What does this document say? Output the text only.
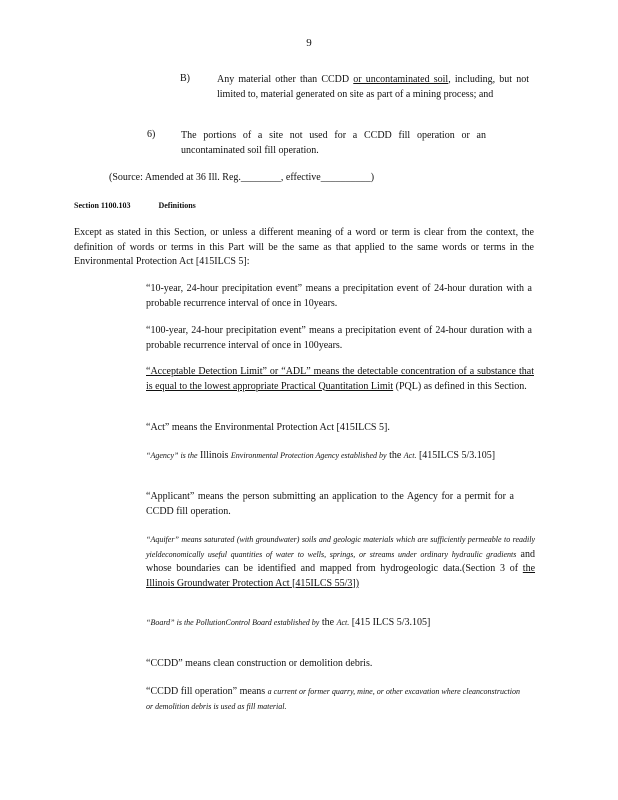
9
B)	Any material other than CCDD or uncontaminated soil, including, but not limited to, material generated on site as part of a mining process; and
6)	The portions of a site not used for a CCDD fill operation or an uncontaminated soil fill operation.
(Source: Amended at 36 Ill. Reg.________, effective__________)
Section 1100.103	Definitions
Except as stated in this Section, or unless a different meaning of a word or term is clear from the context, the definition of words or terms in this Part will be the same as that applied to the same words or terms in the Environmental Protection Act [415ILCS 5]:
“10-year, 24-hour precipitation event” means a precipitation event of 24-hour duration with a probable recurrence interval of once in 10years.
“100-year, 24-hour precipitation event” means a precipitation event of 24-hour duration with a probable recurrence interval of once in 100years.
“Acceptable Detection Limit” or “ADL” means the detectable concentration of a substance that is equal to the lowest appropriate Practical Quantitation Limit (PQL) as defined in this Section.
“Act” means the Environmental Protection Act [415ILCS 5].
“Agency” is the Illinois Environmental Protection Agency established by the Act. [415ILCS 5/3.105]
“Applicant” means the person submitting an application to the Agency for a permit for a CCDD fill operation.
“Aquifer” means saturated (with groundwater) soils and geologic materials which are sufficiently permeable to readily yieldeconomically useful quantities of water to wells, springs, or streams under ordinary hydraulic gradients and whose boundaries can be identified and mapped from hydrogeologic data.(Section 3 of the Illinois Groundwater Protection Act [415ILCS 55/3])
“Board” is the PollutionControl Board established by the Act. [415 ILCS 5/3.105]
“CCDD” means clean construction or demolition debris.
“CCDD fill operation” means a current or former quarry, mine, or other excavation where cleanconstruction or demolition debris is used as fill material.
